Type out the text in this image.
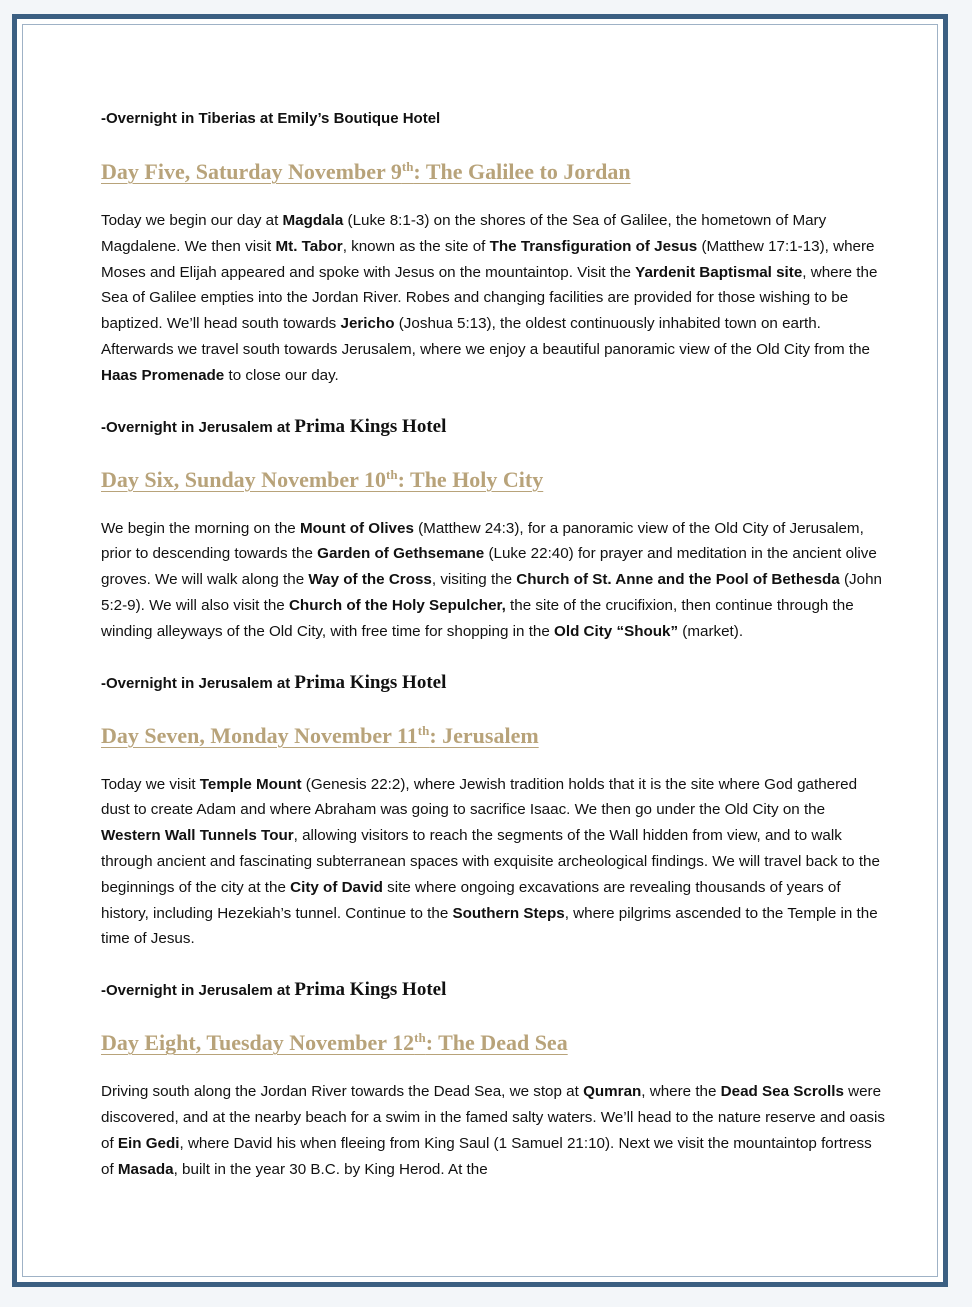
-Overnight in Tiberias at Emily’s Boutique Hotel

Day Five, Saturday November 9th: The Galilee to Jordan

Today we begin our day at Magdala (Luke 8:1-3) on the shores of the Sea of Galilee, the hometown of Mary Magdalene. We then visit Mt. Tabor, known as the site of The Transfiguration of Jesus (Matthew 17:1-13), where Moses and Elijah appeared and spoke with Jesus on the mountaintop. Visit the Yardenit Baptismal site, where the Sea of Galilee empties into the Jordan River. Robes and changing facilities are provided for those wishing to be baptized. We’ll head south towards Jericho (Joshua 5:13), the oldest continuously inhabited town on earth. Afterwards we travel south towards Jerusalem, where we enjoy a beautiful panoramic view of the Old City from the Haas Promenade to close our day.

-Overnight in Jerusalem at Prima Kings Hotel

Day Six, Sunday November 10th: The Holy City

We begin the morning on the Mount of Olives (Matthew 24:3), for a panoramic view of the Old City of Jerusalem, prior to descending towards the Garden of Gethsemane (Luke 22:40) for prayer and meditation in the ancient olive groves. We will walk along the Way of the Cross, visiting the Church of St. Anne and the Pool of Bethesda (John 5:2-9). We will also visit the Church of the Holy Sepulcher, the site of the crucifixion, then continue through the winding alleyways of the Old City, with free time for shopping in the Old City “Shouk” (market).

-Overnight in Jerusalem at Prima Kings Hotel

Day Seven, Monday November 11th: Jerusalem

Today we visit Temple Mount (Genesis 22:2), where Jewish tradition holds that it is the site where God gathered dust to create Adam and where Abraham was going to sacrifice Isaac. We then go under the Old City on the Western Wall Tunnels Tour, allowing visitors to reach the segments of the Wall hidden from view, and to walk through ancient and fascinating subterranean spaces with exquisite archeological findings. We will travel back to the beginnings of the city at the City of David site where ongoing excavations are revealing thousands of years of history, including Hezekiah’s tunnel. Continue to the Southern Steps, where pilgrims ascended to the Temple in the time of Jesus.

-Overnight in Jerusalem at Prima Kings Hotel

Day Eight, Tuesday November 12th: The Dead Sea

Driving south along the Jordan River towards the Dead Sea, we stop at Qumran, where the Dead Sea Scrolls were discovered, and at the nearby beach for a swim in the famed salty waters. We’ll head to the nature reserve and oasis of Ein Gedi, where David his when fleeing from King Saul (1 Samuel 21:10). Next we visit the mountaintop fortress of Masada, built in the year 30 B.C. by King Herod. At the
